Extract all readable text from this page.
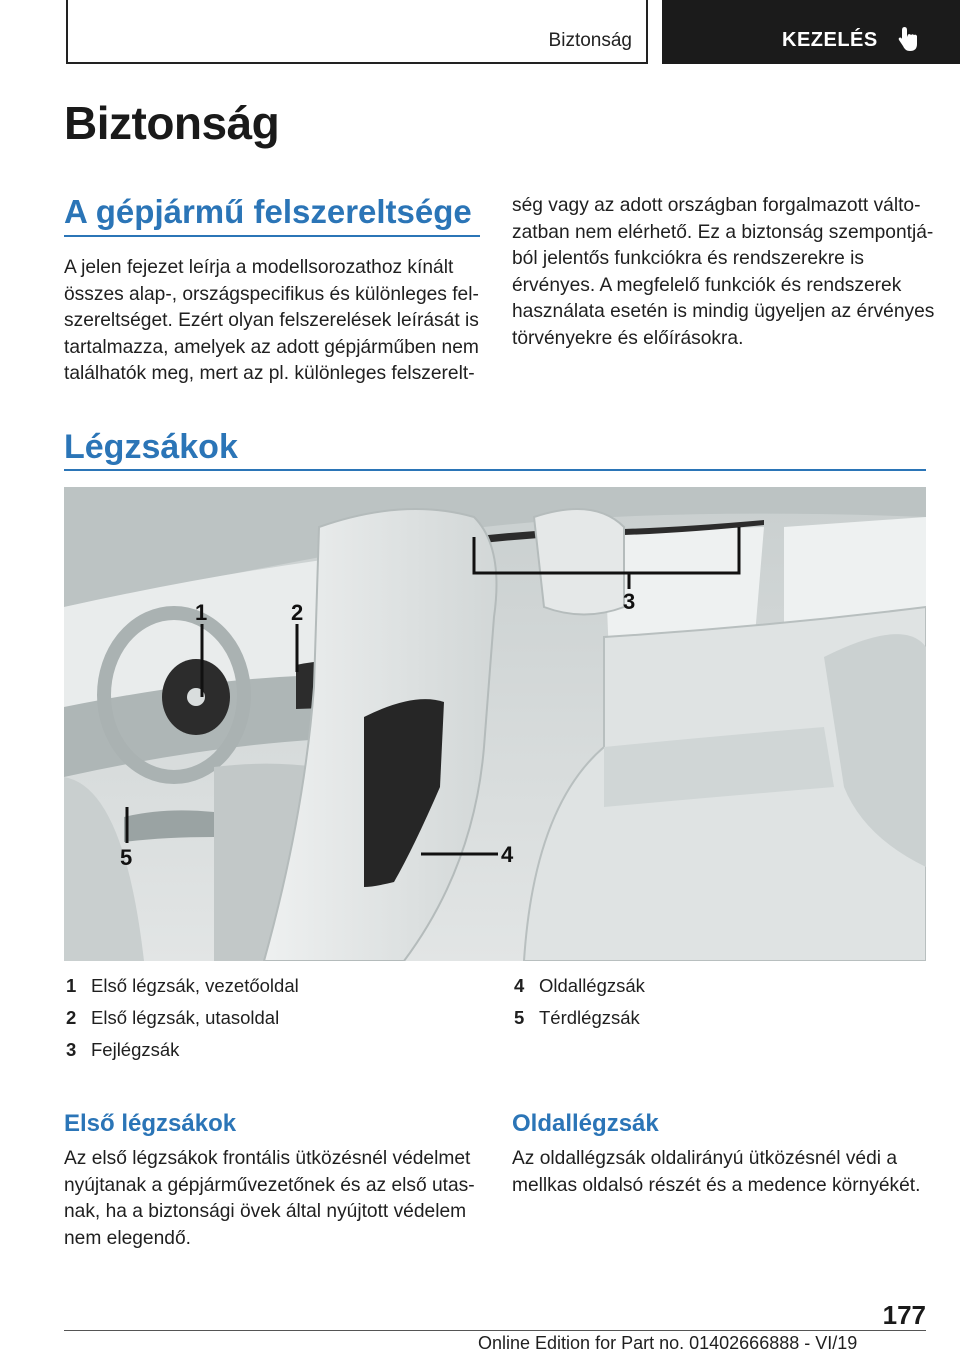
Biztonság	KEZELÉS
Biztonság
A gépjármű felszereltsége
A jelen fejezet leírja a modellsorozathoz kínált
összes alap-, országspecifikus és különleges fel-
szereltséget. Ezért olyan felszerelések leírását is
tartalmazza, amelyek az adott gépjárműben nem
találhatók meg, mert az pl. különleges felszerelt-
ség vagy az adott országban forgalmazott válto-
zatban nem elérhető. Ez a biztonság szempontjá-
ból jelentős funkciókra és rendszerekre is
érvényes. A megfelelő funkciók és rendszerek
használata esetén is mindig ügyeljen az érvényes
törvényekre és előírásokra.
Légzsákok
1	2	3
4
5
1 Első légzsák, vezetőoldal
2 Első légzsák, utasoldal
3 Fejlégzsák
4 Oldallégzsák
5 Térdlégzsák
Első légzsákok
Az első légzsákok frontális ütközésnél védelmet
nyújtanak a gépjárművezetőnek és az első utas-
nak, ha a biztonsági övek által nyújtott védelem
nem elegendő.
Oldallégzsák
Az oldallégzsák oldalirányú ütközésnél védi a
mellkas oldalsó részét és a medence környékét.
177
Online Edition for Part no. 01402666888 - VI/19
